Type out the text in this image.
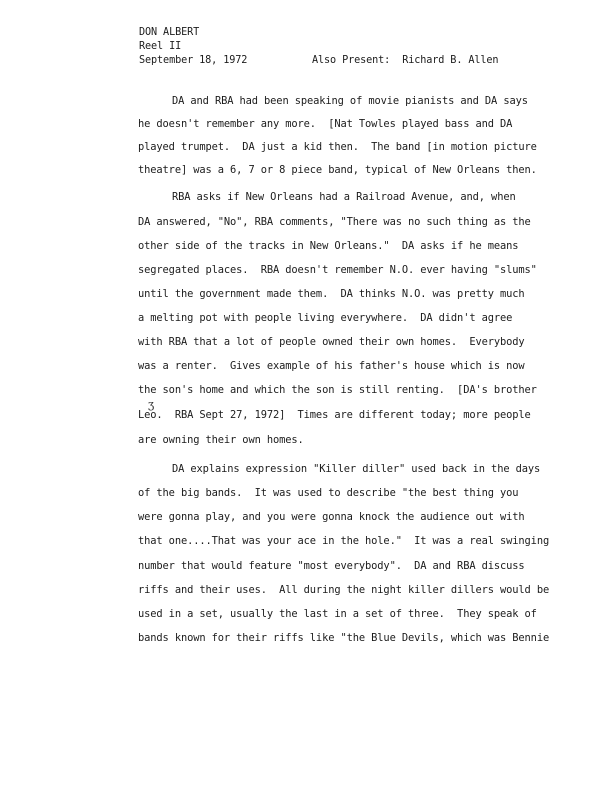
DON ALBERT
Reel II
September 18, 1972	Also Present:  Richard B. Allen
DA and RBA had been speaking of movie pianists and DA says
he doesn't remember any more.  [Nat Towles played bass and DA
played trumpet.  DA just a kid then.  The band [in motion picture
theatre] was a 6, 7 or 8 piece band, typical of New Orleans then.
RBA asks if New Orleans had a Railroad Avenue, and, when
DA answered, "No", RBA comments, "There was no such thing as the
other side of the tracks in New Orleans."  DA asks if he means
segregated places.  RBA doesn't remember N.O. ever having "slums"
until the government made them.  DA thinks N.O. was pretty much
a melting pot with people living everywhere.  DA didn't agree
with RBA that a lot of people owned their own homes.  Everybody
was a renter.  Gives example of his father's house which is now
the son's home and which the son is still renting.  [DA's brother
Leo.  RBA Sept 27, 1972]  Times are different today; more people
are owning their own homes.
DA explains expression "Killer diller" used back in the days
of the big bands.  It was used to describe "the best thing you
were gonna play, and you were gonna knock the audience out with
that one....That was your ace in the hole."  It was a real swinging
number that would feature "most everybody".  DA and RBA discuss
riffs and their uses.  All during the night killer dillers would be
used in a set, usually the last in a set of three.  They speak of
bands known for their riffs like "the Blue Devils, which was Bennie
ʒ
